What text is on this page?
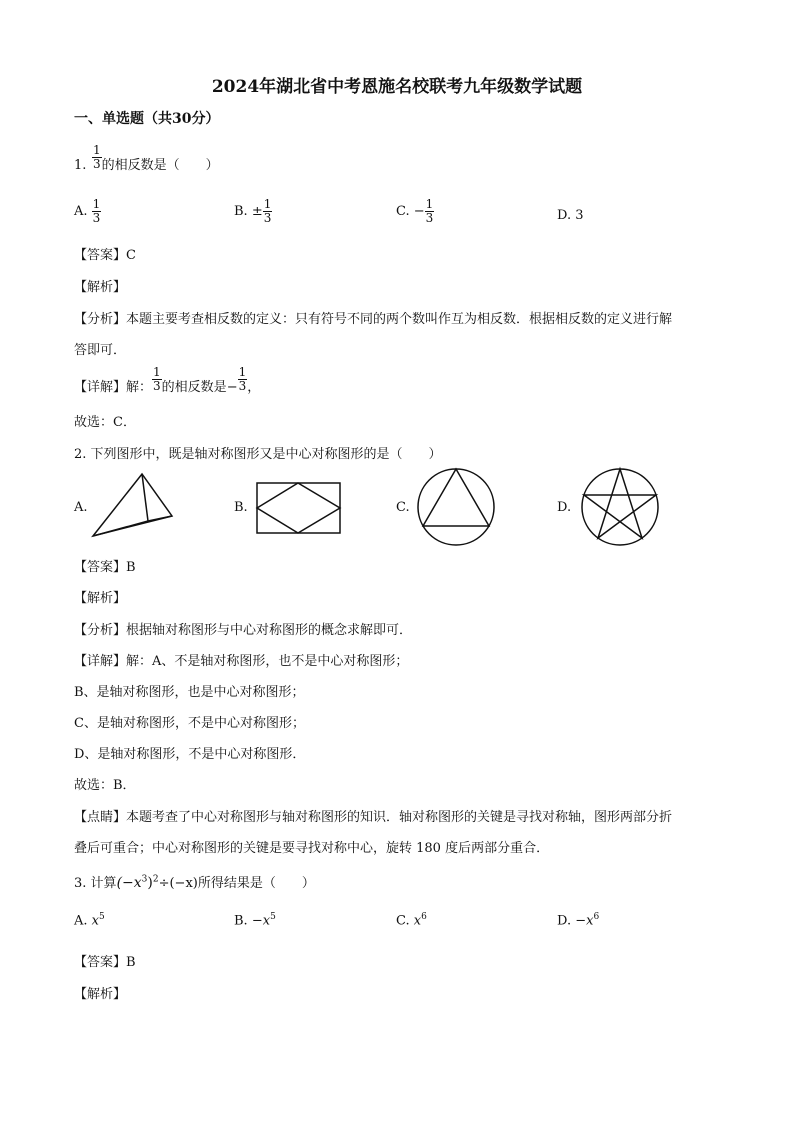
2024年湖北省中考恩施名校联考九年级数学试题
一、单选题（共30分）
1. $\frac{1}{3}$ 的相反数是（　　）
A. $\frac{1}{3}$	B. ± $\frac{1}{3}$	C. − $\frac{1}{3}$	D. 3
【答案】C
【解析】
【分析】本题主要考查相反数的定义：只有符号不同的两个数叫作互为相反数．根据相反数的定义进行解
答即可．
【详解】解： $\frac{1}{3}$ 的相反数是− $\frac{1}{3}$ ，
故选：C．
2. 下列图形中，既是轴对称图形又是中心对称图形的是（　　）
A.	B.	C.	D.
【答案】B
【解析】
【分析】根据轴对称图形与中心对称图形的概念求解即可．
【详解】解：A、不是轴对称图形，也不是中心对称图形；
B、是轴对称图形，也是中心对称图形；
C、是轴对称图形，不是中心对称图形；
D、是轴对称图形，不是中心对称图形．
故选：B．
【点睛】本题考查了中心对称图形与轴对称图形的知识．轴对称图形的关键是寻找对称轴，图形两部分折
叠后可重合；中心对称图形的关键是要寻找对称中心，旋转 180 度后两部分重合．
3. 计算$(-x^3)^2\div(-x)$所得结果是（　　）
A. $x^5$	B. $-x^5$	C. $x^6$	D. $-x^6$
【答案】B
【解析】
